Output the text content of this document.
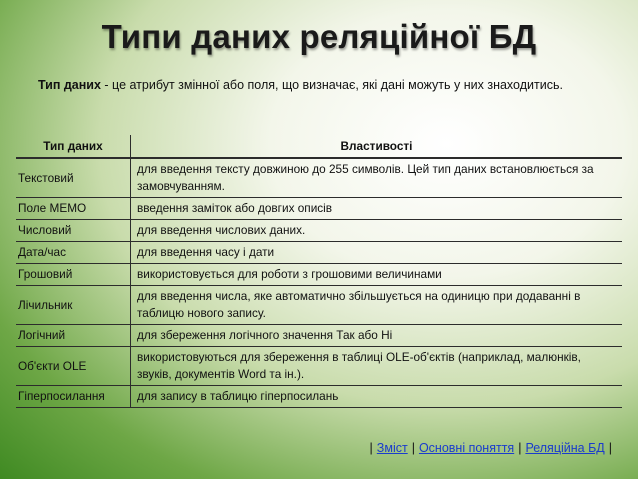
Типи даних реляційної БД
Тип даних - це атрибут змінної або поля, що визначає, які дані можуть у них знаходитись.
Тип даних	Властивості
Текстовий	для введення тексту довжиною до 255 символів. Цей тип даних встановлюється за замовчуванням.
Поле MEMO	введення заміток або довгих описів
Числовий	для введення числових даних.
Дата/час	для введення часу і дати
Грошовий	використовується для роботи з грошовими величинами
Лічильник	для введення числа, яке автоматично збільшується на одиницю при додаванні в таблицю нового запису.
Логічний	для збереження логічного значення Так або Ні
Об'єкти OLE	використовуються для збереження в таблиці OLE-об'єктів (наприклад, малюнків, звуків, документів Word та ін.).
Гіперпосилання	для запису в таблицю гіперпосилань
| Зміст | Основні поняття | Реляційна БД |
